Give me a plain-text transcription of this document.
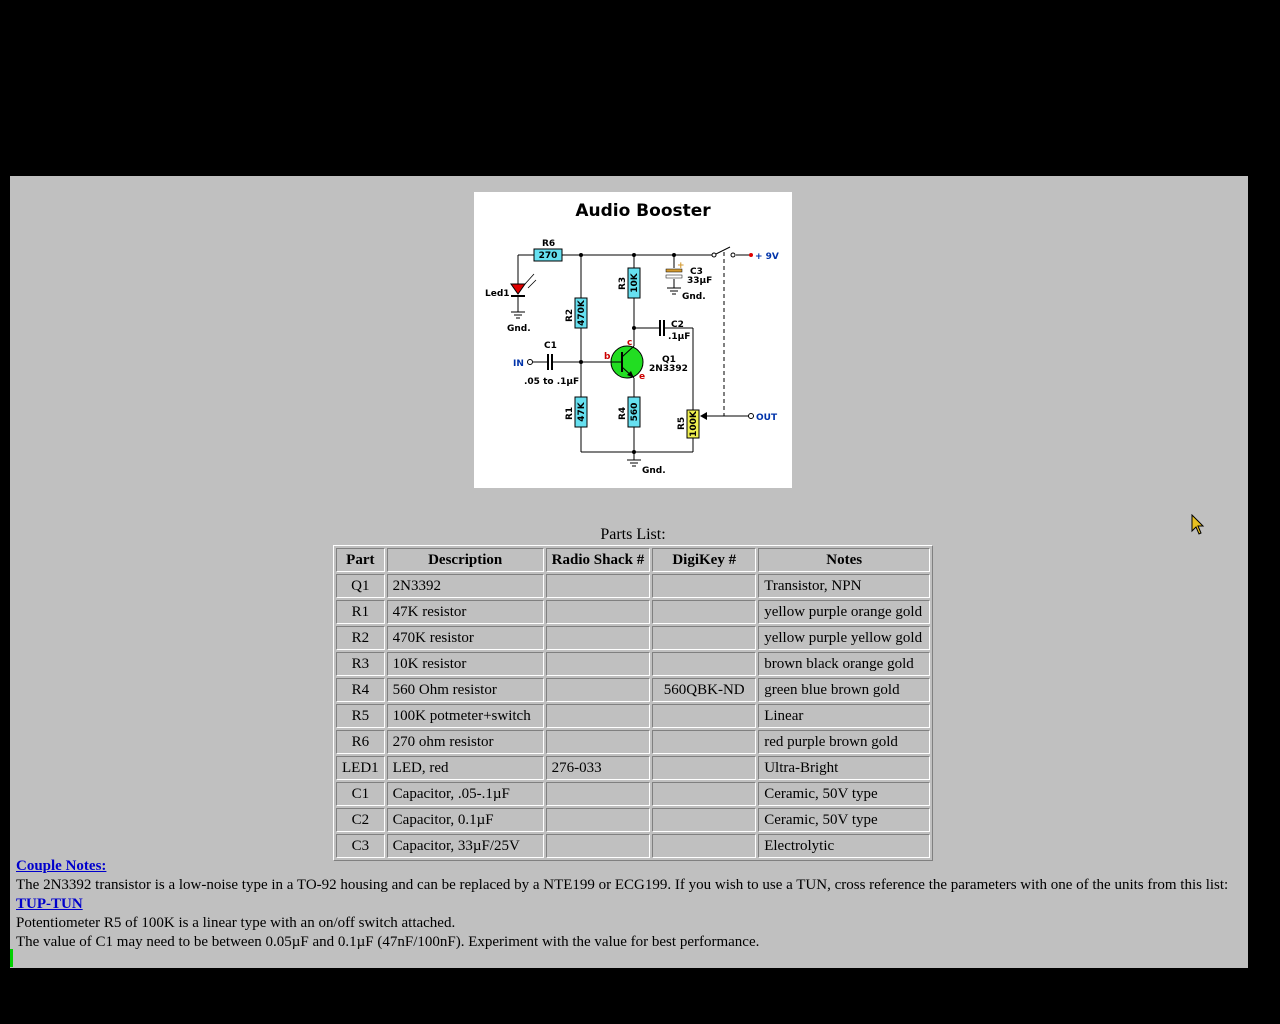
Audio Booster
R6
270
Led1
Gnd.
R2 470K
R3 10K
+
C3
33µF
Gnd.
+ 9V
C2
.1µF
C1
.05 to .1µF
IN
b
c
e
Q1
2N3392
R1 47K	R4 560
R5 100K	OUT
Gnd.
Parts List:
Part	Description	Radio Shack #	DigiKey #	Notes
Q1	2N3392			Transistor, NPN
R1	47K resistor			yellow purple orange gold
R2	470K resistor			yellow purple yellow gold
R3	10K resistor			brown black orange gold
R4	560 Ohm resistor		560QBK-ND	green blue brown gold
R5	100K potmeter+switch			Linear
R6	270 ohm resistor			red purple brown gold
LED1	LED, red	276-033		Ultra-Bright
C1	Capacitor, .05-.1µF			Ceramic, 50V type
C2	Capacitor, 0.1µF			Ceramic, 50V type
C3	Capacitor, 33µF/25V			Electrolytic
Couple Notes:
The 2N3392 transistor is a low-noise type in a TO-92 housing and can be replaced by a NTE199 or ECG199. If you wish to use a TUN, cross reference the parameters with one of the units from this list:
TUP-TUN
Potentiometer R5 of 100K is a linear type with an on/off switch attached.
The value of C1 may need to be between 0.05µF and 0.1µF (47nF/100nF). Experiment with the value for best performance.
